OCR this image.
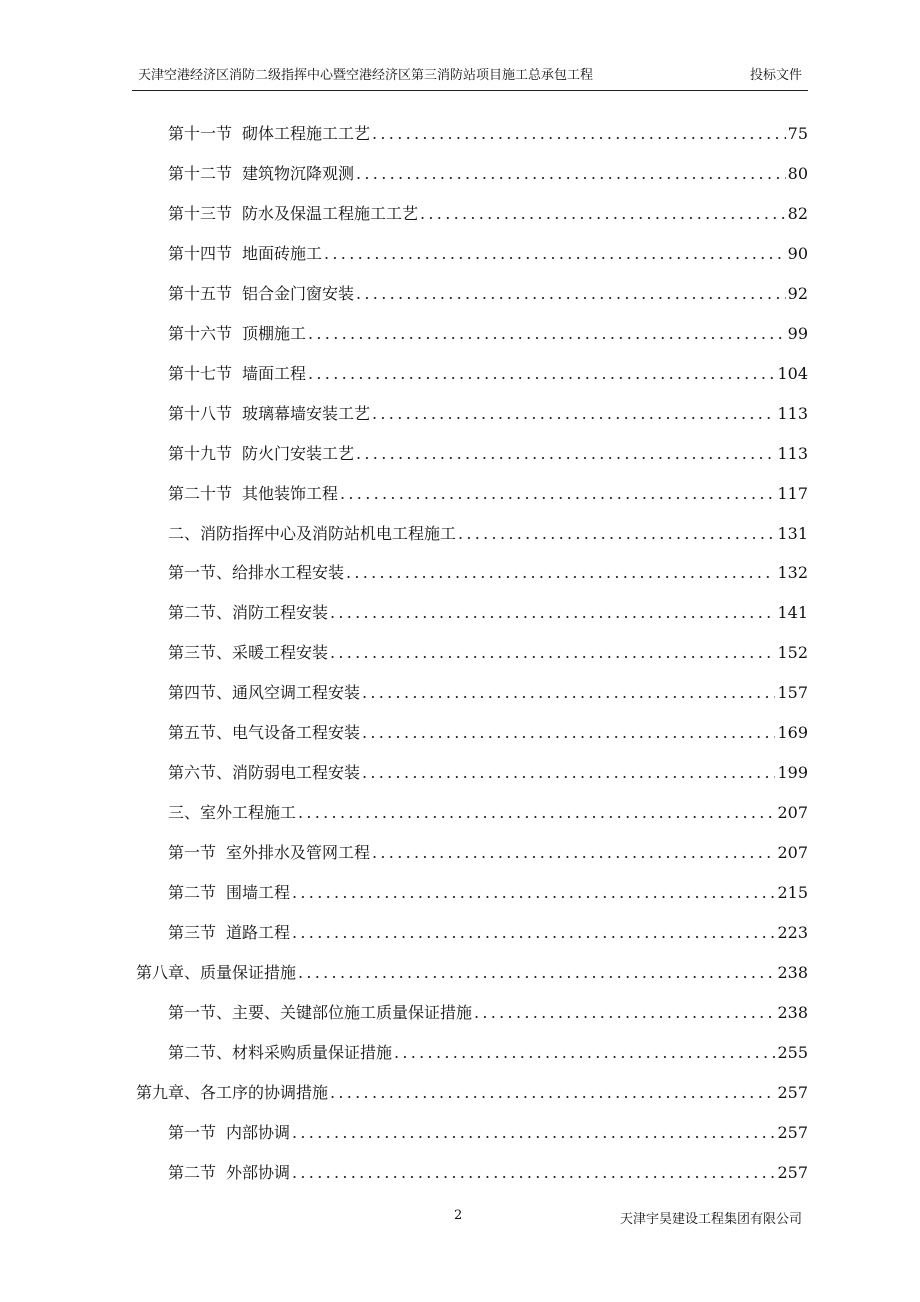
天津空港经济区消防二级指挥中心暨空港经济区第三消防站项目施工总承包工程	投标文件
第十一节 砌体工程施工工艺 .....	75
第十二节 建筑物沉降观测 .....	80
第十三节 防水及保温工程施工工艺 .....	82
第十四节 地面砖施工 .....	90
第十五节 铝合金门窗安装 .....	92
第十六节 顶棚施工 .....	99
第十七节 墙面工程 .....	104
第十八节 玻璃幕墙安装工艺 .....	113
第十九节 防火门安装工艺 .....	113
第二十节 其他装饰工程 .....	117
二、消防指挥中心及消防站机电工程施工 .....	131
第一节、给排水工程安装 .....	132
第二节、消防工程安装 .....	141
第三节、采暖工程安装 .....	152
第四节、通风空调工程安装 .....	157
第五节、电气设备工程安装 .....	169
第六节、消防弱电工程安装 .....	199
三、室外工程施工 .....	207
第一节 室外排水及管网工程 .....	207
第二节 围墙工程 .....	215
第三节 道路工程 .....	223
第八章、质量保证措施 .....	238
第一节、主要、关键部位施工质量保证措施 .....	238
第二节、材料采购质量保证措施 .....	255
第九章、各工序的协调措施 .....	257
第一节 内部协调 .....	257
第二节 外部协调 .....	257
2	天津宇昊建设工程集团有限公司
